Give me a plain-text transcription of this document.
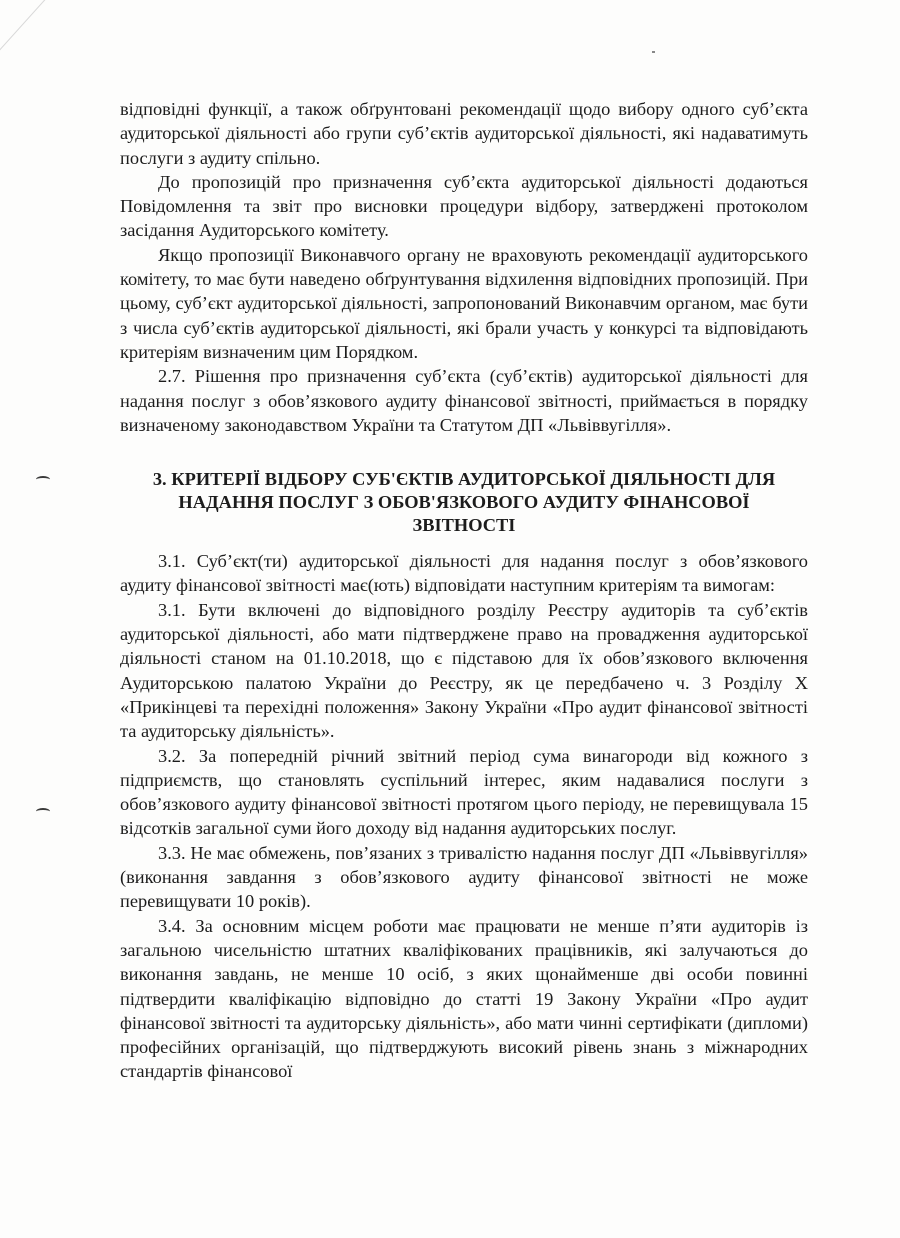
відповідні функції, а також обґрунтовані рекомендації щодо вибору одного суб’єкта аудиторської діяльності або групи суб’єктів аудиторської діяльності, які надаватимуть послуги з аудиту спільно.

До пропозицій про призначення суб’єкта аудиторської діяльності додаються Повідомлення та звіт про висновки процедури відбору, затверджені протоколом засідання Аудиторського комітету.

Якщо пропозиції Виконавчого органу не враховують рекомендації аудиторського комітету, то має бути наведено обґрунтування відхилення відповідних пропозицій. При цьому, суб’єкт аудиторської діяльності, запропонований Виконавчим органом, має бути з числа суб’єктів аудиторської діяльності, які брали участь у конкурсі та відповідають критеріям визначеним цим Порядком.

2.7. Рішення про призначення суб’єкта (суб’єктів) аудиторської діяльності для надання послуг з обов’язкового аудиту фінансової звітності, приймається в порядку визначеному законодавством України та Статутом ДП «Львіввугілля».

3. КРИТЕРІЇ ВІДБОРУ СУБ'ЄКТІВ АУДИТОРСЬКОЇ ДІЯЛЬНОСТІ ДЛЯ НАДАННЯ ПОСЛУГ З ОБОВ'ЯЗКОВОГО АУДИТУ ФІНАНСОВОЇ ЗВІТНОСТІ

3.1. Суб’єкт(ти) аудиторської діяльності для надання послуг з обов’язкового аудиту фінансової звітності має(ють) відповідати наступним критеріям та вимогам:

3.1. Бути включені до відповідного розділу Реєстру аудиторів та суб’єктів аудиторської діяльності, або мати підтверджене право на провадження аудиторської діяльності станом на 01.10.2018, що є підставою для їх обов’язкового включення Аудиторською палатою України до Реєстру, як це передбачено ч. 3 Розділу Х «Прикінцеві та перехідні положення» Закону України «Про аудит фінансової звітності та аудиторську діяльність».

3.2. За попередній річний звітний період сума винагороди від кожного з підприємств, що становлять суспільний інтерес, яким надавалися послуги з обов’язкового аудиту фінансової звітності протягом цього періоду, не перевищувала 15 відсотків загальної суми його доходу від надання аудиторських послуг.

3.3. Не має обмежень, пов’язаних з тривалістю надання послуг ДП «Львіввугілля» (виконання завдання з обов’язкового аудиту фінансової звітності не може перевищувати 10 років).

3.4. За основним місцем роботи має працювати не менше п’яти аудиторів із загальною чисельністю штатних кваліфікованих працівників, які залучаються до виконання завдань, не менше 10 осіб, з яких щонайменше дві особи повинні підтвердити кваліфікацію відповідно до статті 19 Закону України «Про аудит фінансової звітності та аудиторську діяльність», або мати чинні сертифікати (дипломи) професійних організацій, що підтверджують високий рівень знань з міжнародних стандартів фінансової
